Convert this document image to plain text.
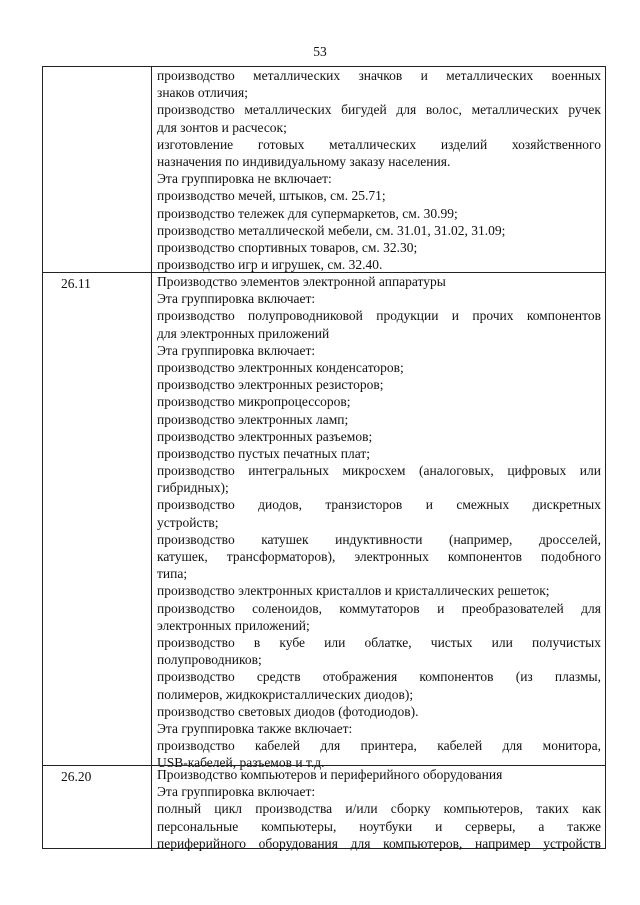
53
производство металлических значков и металлических военных
знаков отличия;
производство металлических бигудей для волос, металлических ручек
для зонтов и расчесок;
изготовление готовых металлических изделий хозяйственного
назначения по индивидуальному заказу населения.
Эта группировка не включает:
производство мечей, штыков, см. 25.71;
производство тележек для супермаркетов, см. 30.99;
производство металлической мебели, см. 31.01, 31.02, 31.09;
производство спортивных товаров, см. 32.30;
производство игр и игрушек, см. 32.40.
26.11	Производство элементов электронной аппаратуры
Эта группировка включает:
производство полупроводниковой продукции и прочих компонентов
для электронных приложений
Эта группировка включает:
производство электронных конденсаторов;
производство электронных резисторов;
производство микропроцессоров;
производство электронных ламп;
производство электронных разъемов;
производство пустых печатных плат;
производство интегральных микросхем (аналоговых, цифровых или
гибридных);
производство диодов, транзисторов и смежных дискретных
устройств;
производство катушек индуктивности (например, дросселей,
катушек, трансформаторов), электронных компонентов подобного
типа;
производство электронных кристаллов и кристаллических решеток;
производство соленоидов, коммутаторов и преобразователей для
электронных приложений;
производство в кубе или облатке, чистых или получистых
полупроводников;
производство средств отображения компонентов (из плазмы,
полимеров, жидкокристаллических диодов);
производство световых диодов (фотодиодов).
Эта группировка также включает:
производство кабелей для принтера, кабелей для монитора,
USB-кабелей, разъемов и т.д.
26.20	Производство компьютеров и периферийного оборудования
Эта группировка включает:
полный цикл производства и/или сборку компьютеров, таких как
персональные компьютеры, ноутбуки и серверы, а также
периферийного оборудования для компьютеров, например устройств
